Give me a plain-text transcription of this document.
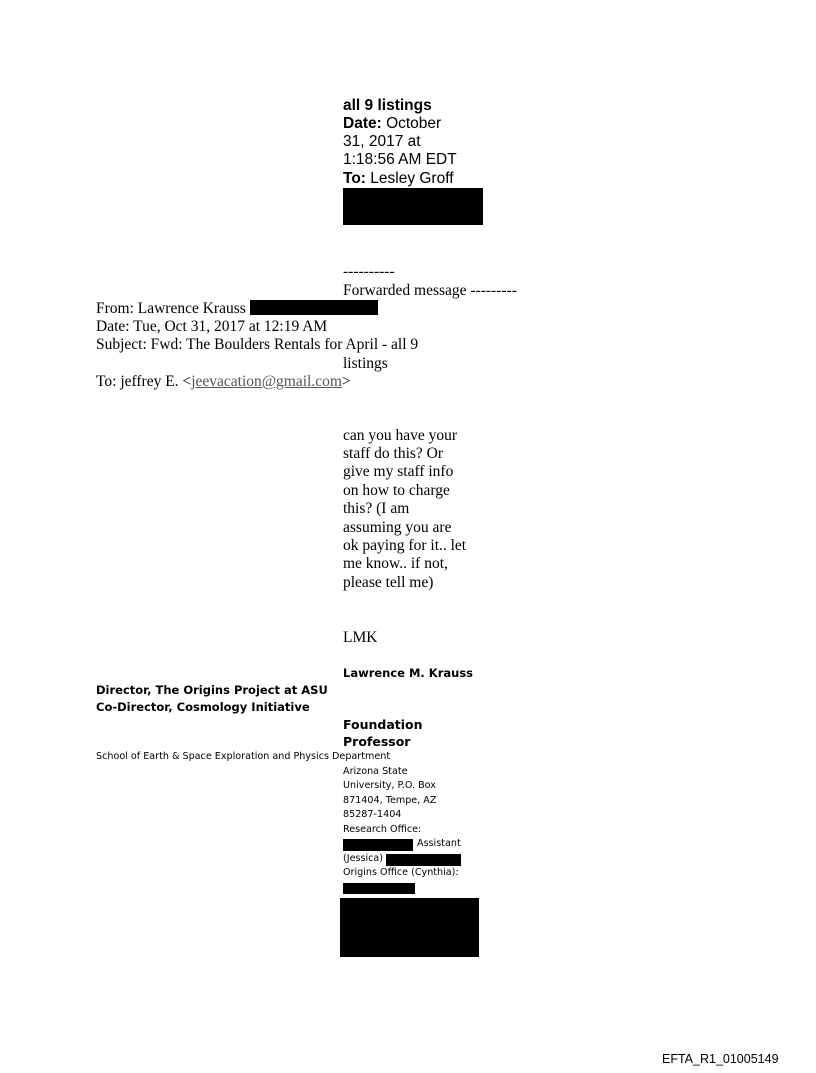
all 9 listings
Date: October
31, 2017 at
1:18:56 AM EDT
To: Lesley Groff
----------
Forwarded message ---------
From: Lawrence Krauss
Date: Tue, Oct 31, 2017 at 12:19 AM
Subject: Fwd: The Boulders Rentals for April - all 9
listings
To: jeffrey E. <jeevacation@gmail.com>
can you have your
staff do this? Or
give my staff info
on how to charge
this? (I am
assuming you are
ok paying for it.. let
me know.. if not,
please tell me)
LMK
Lawrence M. Krauss
Director, The Origins Project at ASU
Co-Director, Cosmology Initiative
Foundation
Professor
School of Earth & Space Exploration and Physics Department
Arizona State
University, P.O. Box
871404, Tempe, AZ
85287-1404
Research Office:
Assistant
(Jessica)
Origins Office (Cynthia):
EFTA_R1_01005149
